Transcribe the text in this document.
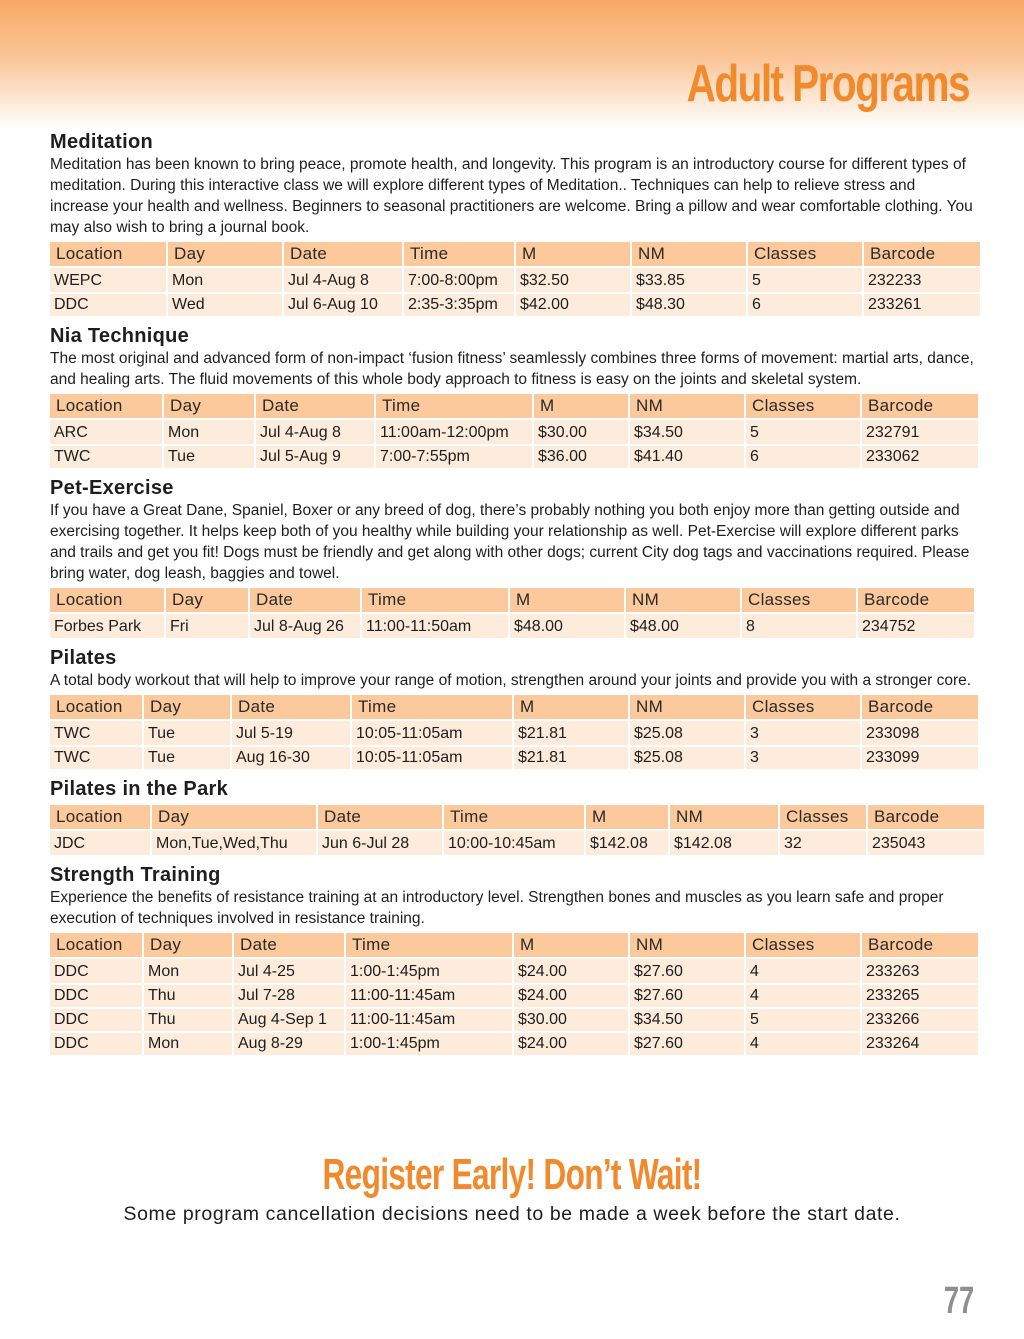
Adult Programs
Meditation

Meditation has been known to bring peace, promote health, and longevity. This program is an introductory course for different types of meditation. During this interactive class we will explore different types of Meditation.. Techniques can help to relieve stress and increase your health and wellness. Beginners to seasonal practitioners are welcome. Bring a pillow and wear comfortable clothing. You may also wish to bring a journal book.

Location	Day	Date	Time	M	NM	Classes	Barcode
WEPC	Mon	Jul 4-Aug 8	7:00-8:00pm	$32.50	$33.85	5	232233
DDC	Wed	Jul 6-Aug 10	2:35-3:35pm	$42.00	$48.30	6	233261
Nia Technique

The most original and advanced form of non-impact ‘fusion fitness’ seamlessly combines three forms of movement: martial arts, dance, and healing arts. The fluid movements of this whole body approach to fitness is easy on the joints and skeletal system.

Location	Day	Date	Time	M	NM	Classes	Barcode
ARC	Mon	Jul 4-Aug 8	11:00am-12:00pm	$30.00	$34.50	5	232791
TWC	Tue	Jul 5-Aug 9	7:00-7:55pm	$36.00	$41.40	6	233062
Pet-Exercise

If you have a Great Dane, Spaniel, Boxer or any breed of dog, there’s probably nothing you both enjoy more than getting outside and exercising together. It helps keep both of you healthy while building your relationship as well. Pet-Exercise will explore different parks and trails and get you fit! Dogs must be friendly and get along with other dogs; current City dog tags and vaccinations required. Please bring water, dog leash, baggies and towel.

Location	Day	Date	Time	M	NM	Classes	Barcode
Forbes Park	Fri	Jul 8-Aug 26	11:00-11:50am	$48.00	$48.00	8	234752
Pilates

A total body workout that will help to improve your range of motion, strengthen around your joints and provide you with a stronger core.

Location	Day	Date	Time	M	NM	Classes	Barcode
TWC	Tue	Jul 5-19	10:05-11:05am	$21.81	$25.08	3	233098
TWC	Tue	Aug 16-30	10:05-11:05am	$21.81	$25.08	3	233099
Pilates in the Park
Location	Day	Date	Time	M	NM	Classes	Barcode
JDC	Mon,Tue,Wed,Thu	Jun 6-Jul 28	10:00-10:45am	$142.08	$142.08	32	235043
Strength Training

Experience the benefits of resistance training at an introductory level. Strengthen bones and muscles as you learn safe and proper execution of techniques involved in resistance training.

Location	Day	Date	Time	M	NM	Classes	Barcode
DDC	Mon	Jul 4-25	1:00-1:45pm	$24.00	$27.60	4	233263
DDC	Thu	Jul 7-28	11:00-11:45am	$24.00	$27.60	4	233265
DDC	Thu	Aug 4-Sep 1	11:00-11:45am	$30.00	$34.50	5	233266
DDC	Mon	Aug 8-29	1:00-1:45pm	$24.00	$27.60	4	233264

Register Early! Don’t Wait!

Some program cancellation decisions need to be made a week before the start date.

77
